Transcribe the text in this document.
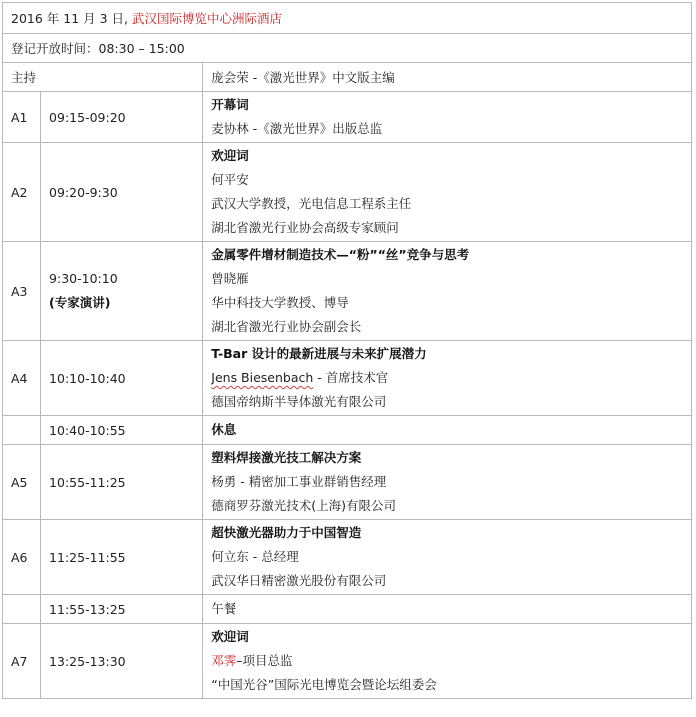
2016 年 11 月 3 日, 武汉国际博览中心洲际酒店		
登记开放时间：08:30 – 15:00		
主持		庞会荣 -《激光世界》中文版主编
A1	09:15-09:20	开幕词
麦协林 -《激光世界》出版总监

A2	09:20-9:30	欢迎词
何平安
武汉大学教授，光电信息工程系主任
湖北省激光行业协会高级专家顾问

A3	9:30-10:10
(专家演讲)	金属零件增材制造技术—“粉”“丝”竞争与思考
曾晓雁
华中科技大学教授、博导
湖北省激光行业协会副会长

A4	10:10-10:40	T-Bar 设计的最新进展与未来扩展潜力
Jens Biesenbach - 首席技术官
德国帝纳斯半导体激光有限公司

	10:40-10:55	休息

A5	10:55-11:25	塑料焊接激光技工解决方案
杨勇 - 精密加工事业群销售经理
德商罗芬激光技术(上海)有限公司

A6	11:25-11:55	超快激光器助力于中国智造
何立东 - 总经理
武汉华日精密激光股份有限公司

	11:55-13:25	午餐

A7	13:25-13:30	欢迎词
邓霁–项目总监
“中国光谷”国际光电博览会暨论坛组委会
